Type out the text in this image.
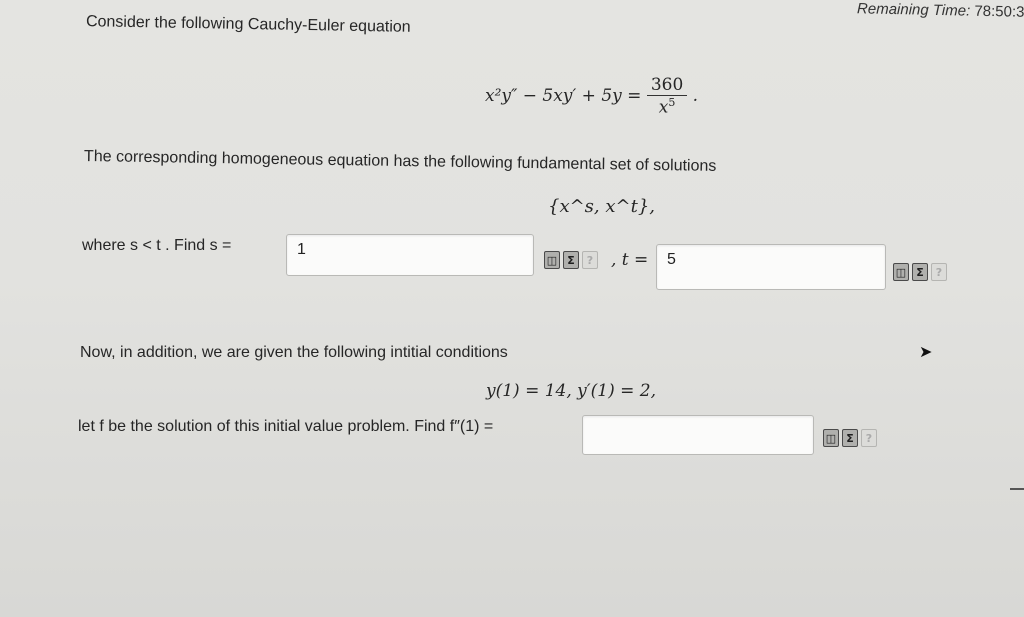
Remaining Time: 78:50:3
Consider the following Cauchy-Euler equation
$x^2y'' - 5xy' + 5y = \frac{360}{x^5}$ .
The corresponding homogeneous equation has the following fundamental set of solutions
{x^s, x^t},
where s < t . Find s =	1
◫ Σ	? , t =	5
◫ Σ	?
Now, in addition, we are given the following intitial conditions	➤
y(1) = 14, y′(1) = 2,
let f be the solution of this initial value problem. Find f″(1) =
◫ Σ	?
